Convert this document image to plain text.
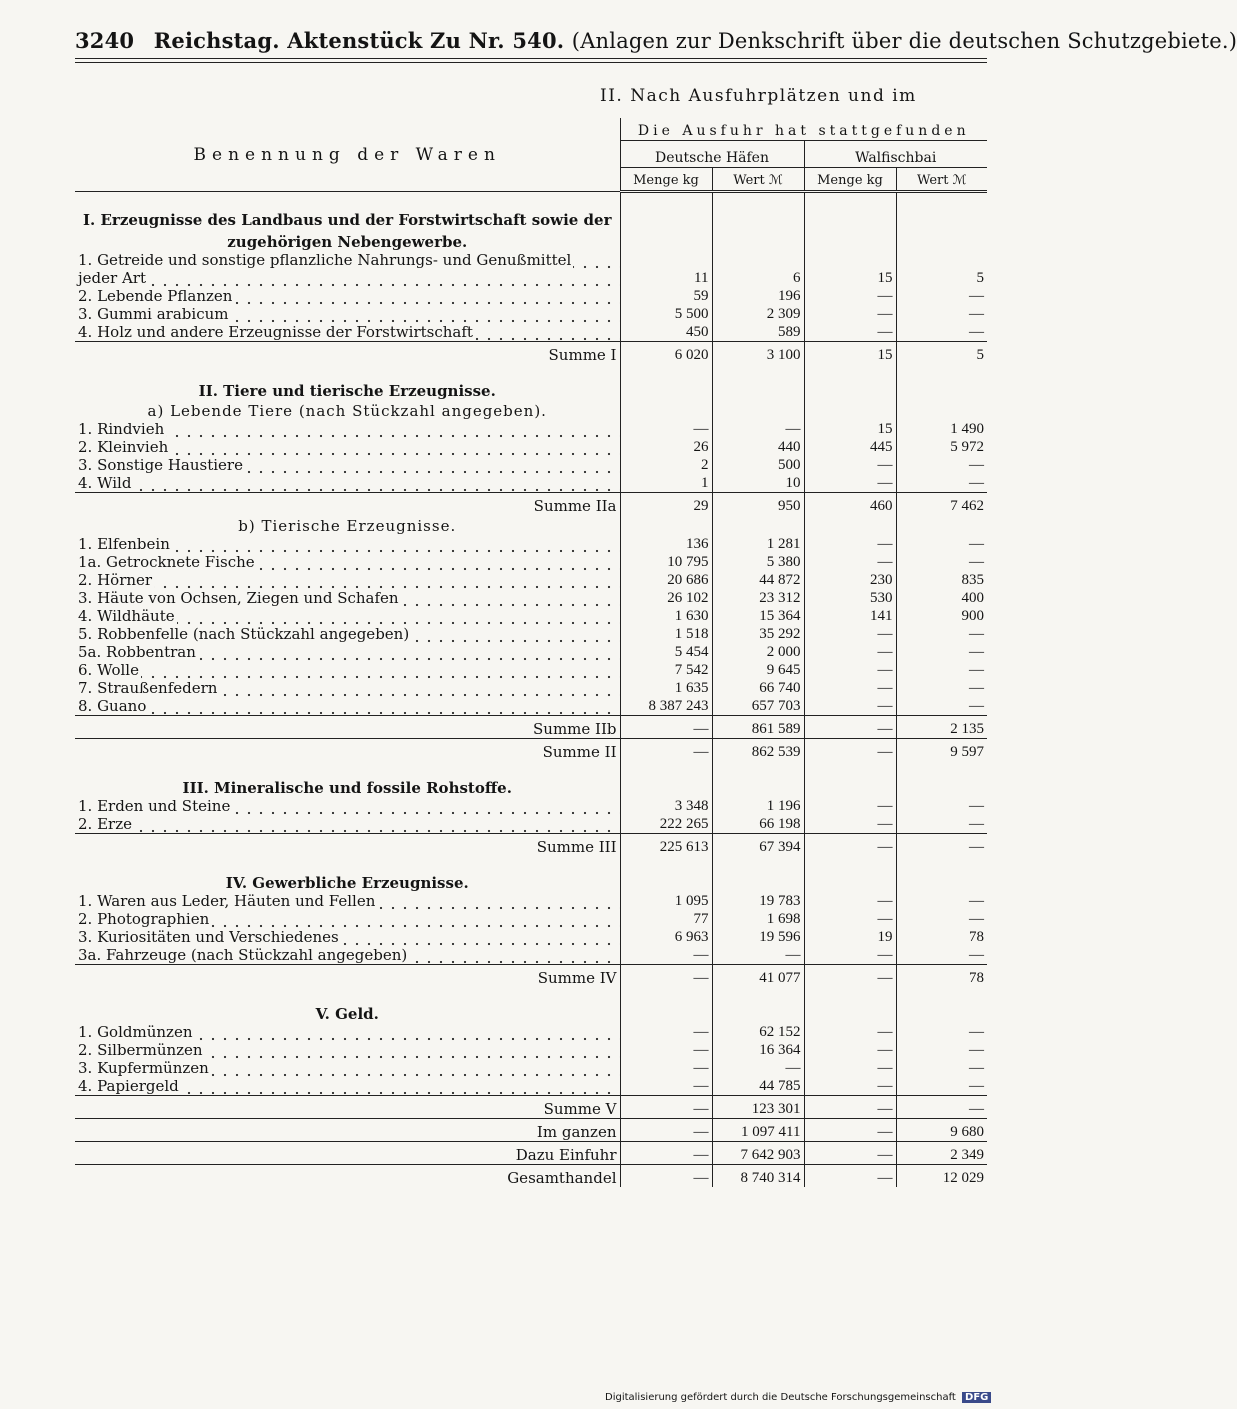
3240 Reichstag. Aktenstück Zu Nr. 540. (Anlagen zur Denkschrift über die deutschen Schutzgebiete.)
II. Nach Ausfuhrplätzen und im
Benennung der Waren	Die Ausfuhr hat stattgefunden			
	Deutsche Häfen		Walfischbai	
	Menge kg	Wert ℳ	Menge kg	Wert ℳ

I. Erzeugnisse des Landbaus und der Forstwirtschaft sowie der				
zugehörigen Nebengewerbe.				
1. Getreide und sonstige pflanzliche Nahrungs- und Genußmittel				
jeder Art	11	6	15	5
2. Lebende Pflanzen	59	196	—	—
3. Gummi arabicum	5 500	2 309	—	—
4. Holz und andere Erzeugnisse der Forstwirtschaft	450	589	—	—
Summe I	6 020	3 100	15	5

II. Tiere und tierische Erzeugnisse.				
a) Lebende Tiere (nach Stückzahl angegeben).				
1. Rindvieh	—	—	15	1 490
2. Kleinvieh	26	440	445	5 972
3. Sonstige Haustiere	2	500	—	—
4. Wild	1	10	—	—
Summe IIa	29	950	460	7 462
b) Tierische Erzeugnisse.				
1. Elfenbein	136	1 281	—	—
1a. Getrocknete Fische	10 795	5 380	—	—
2. Hörner	20 686	44 872	230	835
3. Häute von Ochsen, Ziegen und Schafen	26 102	23 312	530	400
4. Wildhäute	1 630	15 364	141	900
5. Robbenfelle (nach Stückzahl angegeben)	1 518	35 292	—	—
5a. Robbentran	5 454	2 000	—	—
6. Wolle	7 542	9 645	—	—
7. Straußenfedern	1 635	66 740	—	—
8. Guano	8 387 243	657 703	—	—
Summe IIb	—	861 589	—	2 135
Summe II	—	862 539	—	9 597

III. Mineralische und fossile Rohstoffe.				
1. Erden und Steine	3 348	1 196	—	—
2. Erze	222 265	66 198	—	—
Summe III	225 613	67 394	—	—

IV. Gewerbliche Erzeugnisse.				
1. Waren aus Leder, Häuten und Fellen	1 095	19 783	—	—
2. Photographien	77	1 698	—	—
3. Kuriositäten und Verschiedenes	6 963	19 596	19	78
3a. Fahrzeuge (nach Stückzahl angegeben)	—	—	—	—
Summe IV	—	41 077	—	78

V. Geld.				
1. Goldmünzen	—	62 152	—	—
2. Silbermünzen	—	16 364	—	—
3. Kupfermünzen	—	—	—	—
4. Papiergeld	—	44 785	—	—
Summe V	—	123 301	—	—
Im ganzen	—	1 097 411	—	9 680
Dazu Einfuhr	—	7 642 903	—	2 349
Gesamthandel	—	8 740 314	—	12 029
Digitalisierung gefördert durch die Deutsche Forschungsgemeinschaft DFG
